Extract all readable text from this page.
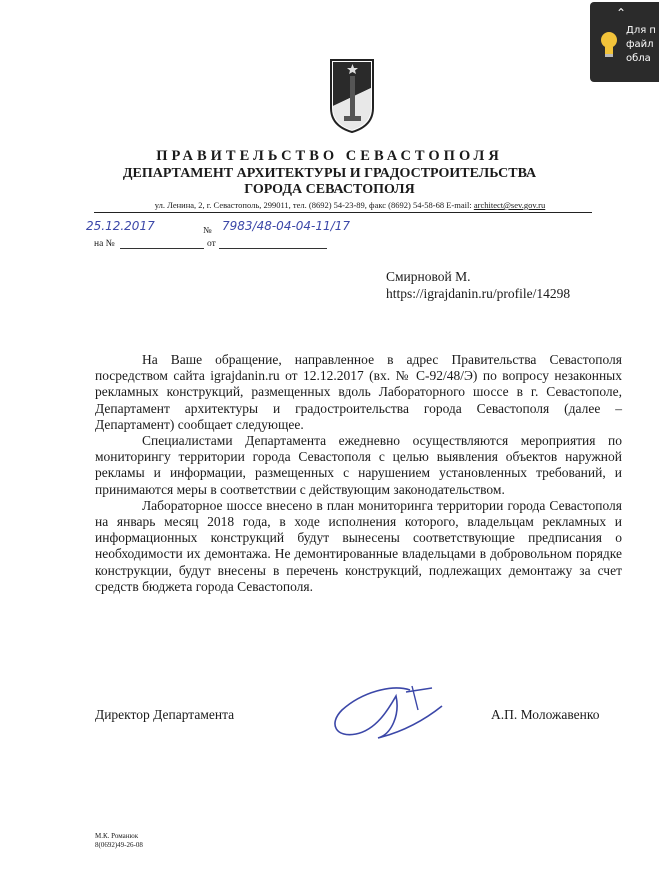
ПРАВИТЕЛЬСТВО СЕВАСТОПОЛЯ
ДЕПАРТАМЕНТ АРХИТЕКТУРЫ И ГРАДОСТРОИТЕЛЬСТВА
ГОРОДА СЕВАСТОПОЛЯ
ул. Ленина, 2, г. Севастополь, 299011, тел. (8692) 54-23-89, факс (8692) 54-58-68 E-mail: architect@sev.gov.ru
25.12.2017	№ 7983/48-04-04-11/17
на №	от
Смирновой М.
https://igrajdanin.ru/profile/14298

На Ваше обращение, направленное в адрес Правительства Севастополя посредством сайта igrajdanin.ru от 12.12.2017 (вх. № С-92/48/Э) по вопросу незаконных рекламных конструкций, размещенных вдоль Лабораторного шоссе в г. Севастополе, Департамент архитектуры и градостроительства города Севастополя (далее – Департамент) сообщает следующее.

Специалистами Департамента ежедневно осуществляются мероприятия по мониторингу территории города Севастополя с целью выявления объектов наружной рекламы и информации, размещенных с нарушением установленных требований, и принимаются меры в соответствии с действующим законодательством.

Лабораторное шоссе внесено в план мониторинга территории города Севастополя на январь месяц 2018 года, в ходе исполнения которого, владельцам рекламных и информационных конструкций будут вынесены соответствующие предписания о необходимости их демонтажа. Не демонтированные владельцами в добровольном порядке конструкции, будут внесены в перечень конструкций, подлежащих демонтажу за счет средств бюджета города Севастополя.

Директор Департамента	А.П. Моложавенко
М.К. Романюк
8(0692)49-26-08
⌃
Для п
файл
обла
